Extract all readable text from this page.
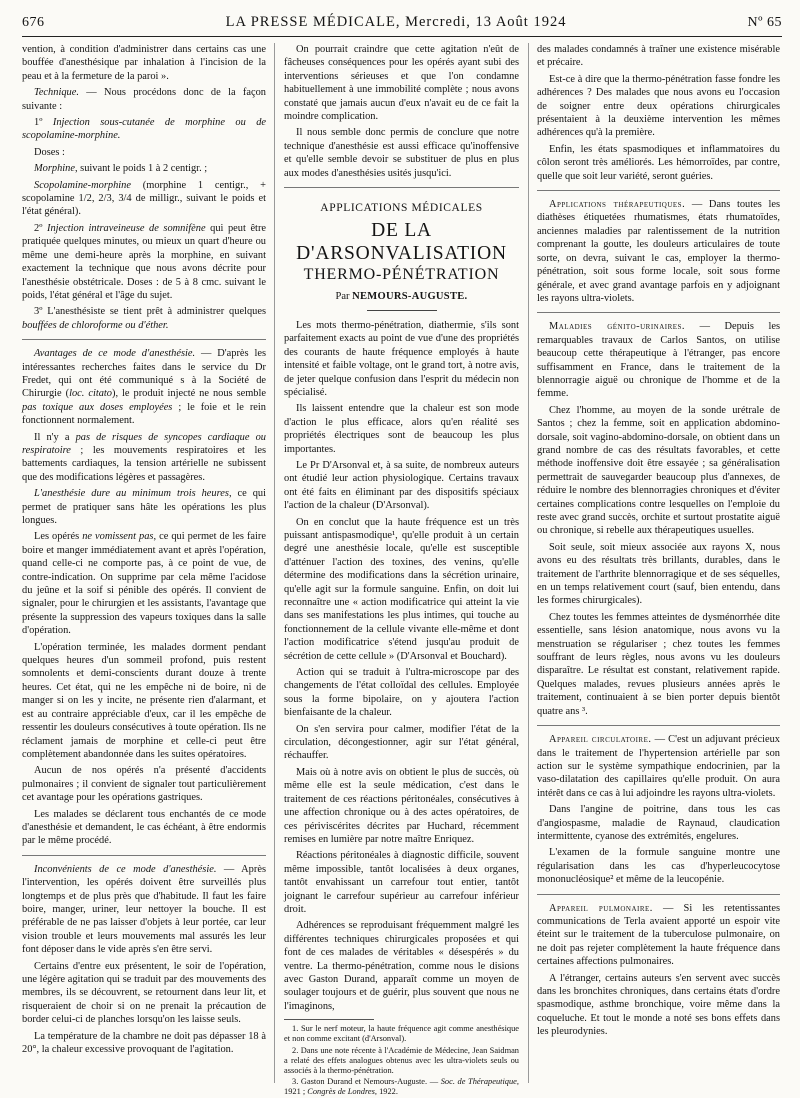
676	LA PRESSE MÉDICALE, Mercredi, 13 Août 1924	Nº 65

vention, à condition d'administrer dans certains cas une bouffée d'anesthésique par inhalation à l'incision de la peau et à la fermeture de la paroi ».

Technique. — Nous procédons donc de la façon suivante :

1º Injection sous-cutanée de morphine ou de scopolamine-morphine.

Doses :

Morphine, suivant le poids 1 à 2 centigr. ;

Scopolamine-morphine (morphine 1 centigr., + scopolamine 1/2, 2/3, 3/4 de milligr., suivant le poids et l'état général).

2º Injection intraveineuse de somnifène qui peut être pratiquée quelques minutes, ou mieux un quart d'heure ou même une demi-heure après la morphine, en suivant exactement la technique que nous avons décrite pour l'anesthésie obstétricale. Doses : de 5 à 8 cmc. suivant le poids, l'état général et l'âge du sujet.

3º L'anesthésiste se tient prêt à administrer quelques bouffées de chloroforme ou d'éther.

Avantages de ce mode d'anesthésie. — D'après les intéressantes recherches faites dans le service du Dr Fredet, qui ont été communiqué s à la Société de Chirurgie (loc. citato), le produit injecté ne nous semble pas toxique aux doses employées ; le foie et le rein fonctionnent normalement.

Il n'y a pas de risques de syncopes cardiaque ou respiratoire ; les mouvements respiratoires et les battements cardiaques, la tension artérielle ne subissent que des modifications légères et passagères.

L'anesthésie dure au minimum trois heures, ce qui permet de pratiquer sans hâte les opérations les plus longues.

Les opérés ne vomissent pas, ce qui permet de les faire boire et manger immédiatement avant et après l'opération, quand celle-ci ne comporte pas, à ce point de vue, de contre-indication. On supprime par cela même l'acidose du jeûne et la soif si pénible des opérés. Il convient de signaler, pour le chirurgien et les assistants, l'avantage que présente la suppression des vapeurs toxiques dans la salle d'opération.

L'opération terminée, les malades dorment pendant quelques heures d'un sommeil profond, puis restent somnolents et demi-conscients durant douze à trente heures. Cet état, qui ne les empêche ni de boire, ni de manger si on les y incite, ne présente rien d'alarmant, et est au contraire appréciable d'eux, car il les empêche de ressentir les douleurs consécutives à toute opération. Ils ne réclament jamais de morphine et celle-ci peut être complètement abandonnée dans les suites opératoires.

Aucun de nos opérés n'a présenté d'accidents pulmonaires ; il convient de signaler tout particulièrement cet avantage pour les opérations gastriques.

Les malades se déclarent tous enchantés de ce mode d'anesthésie et demandent, le cas échéant, à être endormis par le même procédé.

Inconvénients de ce mode d'anesthésie. — Après l'intervention, les opérés doivent être surveillés plus longtemps et de plus près que d'habitude. Il faut les faire boire, manger, uriner, leur nettoyer la bouche. Il est préférable de ne pas laisser d'objets à leur portée, car leur vision trouble et leurs mouvements mal assurés les leur font déposer dans le vide après s'en être servi.

Certains d'entre eux présentent, le soir de l'opération, une légère agitation qui se traduit par des mouvements des membres, ils se découvrent, se retournent dans leur lit, et risqueraient de choir si on ne prenait la précaution de border celui-ci de planches lorsqu'on les laisse seuls.

La température de la chambre ne doit pas dépasser 18 à 20°, la chaleur excessive provoquant de l'agitation.

On pourrait craindre que cette agitation n'eût de fâcheuses conséquences pour les opérés ayant subi des interventions sérieuses et que l'on condamne habituellement à une immobilité complète ; nous avons constaté que jamais aucun d'eux n'avait eu de ce fait la moindre complication.

Il nous semble donc permis de conclure que notre technique d'anesthésie est aussi efficace qu'inoffensive et qu'elle semble devoir se substituer de plus en plus aux modes d'anesthésies usités jusqu'ici.

APPLICATIONS MÉDICALES
DE LA D'ARSONVALISATION
THERMO-PÉNÉTRATION
Par NEMOURS-AUGUSTE.

Les mots thermo-pénétration, diathermie, s'ils sont parfaitement exacts au point de vue d'une des propriétés des courants de haute fréquence employés à haute intensité et faible voltage, ont le grand tort, à notre avis, de jeter quelque confusion dans l'esprit du médecin non spécialisé.

Ils laissent entendre que la chaleur est son mode d'action le plus efficace, alors qu'en réalité ses propriétés électriques sont de beaucoup les plus importantes.

Le Pr D'Arsonval et, à sa suite, de nombreux auteurs ont étudié leur action physiologique. Certains travaux ont été faits en éliminant par des dispositifs spéciaux l'action de la chaleur (D'Arsonval).

On en conclut que la haute fréquence est un très puissant antispasmodique¹, qu'elle produit à un certain degré une anesthésie locale, qu'elle est susceptible d'atténuer l'action des toxines, des venins, qu'elle détermine des modifications dans la sécrétion urinaire, qu'elle agit sur la formule sanguine. Enfin, on doit lui reconnaître une « action modificatrice qui atteint la vie dans ses manifestations les plus intimes, qui touche au fonctionnement de la cellule vivante elle-même et dont l'action modificatrice s'étend jusqu'au produit de sécrétion de cette cellule » (D'Arsonval et Bouchard).

Action qui se traduit à l'ultra-microscope par des changements de l'état colloïdal des cellules. Employée sous la forme bipolaire, on y ajoutera l'action bienfaisante de la chaleur.

On s'en servira pour calmer, modifier l'état de la circulation, décongestionner, agir sur l'état général, réchauffer.

Mais où à notre avis on obtient le plus de succès, où même elle est la seule médication, c'est dans le traitement de ces réactions péritonéales, consécutives à une affection chronique ou à des actes opératoires, de ces périviscérites décrites par Huchard, récemment remises en lumière par notre maître Enriquez.

Réactions péritonéales à diagnostic difficile, souvent même impossible, tantôt localisées à deux organes, tantôt envahissant un carrefour tout entier, tantôt joignant le carrefour supérieur au carrefour inférieur droit.

Adhérences se reproduisant fréquemment malgré les différentes techniques chirurgicales proposées et qui font de ces malades de véritables « désespérés » du ventre. La thermo-pénétration, comme nous le disions avec Gaston Durand, apparaît comme un moyen de soulager toujours et de guérir, plus souvent que nous ne l'imaginons,

1. Sur le nerf moteur, la haute fréquence agit comme anesthésique et non comme excitant (d'Arsonval).

2. Dans une note récente à l'Académie de Médecine, Jean Saidman a relaté des effets analogues obtenus avec les ultra-violets seuls ou associés à la thermo-pénétration.

3. Gaston Durand et Nemours-Auguste. — Soc. de Thérapeutique, 1921 ; Congrès de Londres, 1922.

des malades condamnés à traîner une existence misérable et précaire.

Est-ce à dire que la thermo-pénétration fasse fondre les adhérences ? Des malades que nous avons eu l'occasion de soigner entre deux opérations chirurgicales présentaient à la deuxième intervention les mêmes adhérences qu'à la première.

Enfin, les états spasmodiques et inflammatoires du côlon seront très améliorés. Les hémorroïdes, par contre, quelle que soit leur variété, seront guéries.

Applications thérapeutiques. — Dans toutes les diathèses étiquetées rhumatismes, états rhumatoïdes, anciennes maladies par ralentissement de la nutrition comprenant la goutte, les douleurs articulaires de toute sorte, on devra, suivant le cas, employer la thermo-pénétration, soit sous forme locale, soit sous forme générale, et avec grand avantage parfois en y adjoignant les rayons ultra-violets.

Maladies génito-urinaires. — Depuis les remarquables travaux de Carlos Santos, on utilise beaucoup cette thérapeutique à l'étranger, pas encore suffisamment en France, dans le traitement de la blennorragie aiguë ou chronique de l'homme et de la femme.

Chez l'homme, au moyen de la sonde urétrale de Santos ; chez la femme, soit en application abdomino-dorsale, soit vagino-abdomino-dorsale, on obtient dans un grand nombre de cas des résultats favorables, et cette méthode inoffensive doit être essayée ; sa généralisation permettrait de sauvegarder beaucoup plus d'annexes, de réduire le nombre des blennorragies chroniques et d'éviter certaines complications contre lesquelles on l'emploie du reste avec grand succès, orchite et surtout prostatite aiguë ou chronique, si rebelle aux thérapeutiques usuelles.

Soit seule, soit mieux associée aux rayons X, nous avons eu des résultats très brillants, durables, dans le traitement de l'arthrite blennorragique et de ses séquelles, en un temps relativement court (sauf, bien entendu, dans les formes chirurgicales).

Chez toutes les femmes atteintes de dysménorrhée dite essentielle, sans lésion anatomique, nous avons vu la menstruation se régulariser ; chez toutes les femmes souffrant de leurs règles, nous avons vu les douleurs disparaître. Le résultat est constant, relativement rapide. Quelques malades, revues plusieurs années après le traitement, continuaient à se bien porter depuis bientôt quatre ans ³.

Appareil circulatoire. — C'est un adjuvant précieux dans le traitement de l'hypertension artérielle par son action sur le système sympathique endocrinien, par la vaso-dilatation des capillaires qu'elle produit. On aura intérêt dans ce cas à lui adjoindre les rayons ultra-violets.

Dans l'angine de poitrine, dans tous les cas d'angiospasme, maladie de Raynaud, claudication intermittente, cyanose des extrémités, engelures.

L'examen de la formule sanguine montre une régularisation dans les cas d'hyperleucocytose mononucléosique² et même de la leucopénie.

Appareil pulmonaire. — Si les retentissantes communications de Terla avaient apporté un espoir vite éteint sur le traitement de la tuberculose pulmonaire, on ne doit pas rejeter complètement la haute fréquence dans certaines affections pulmonaires.

A l'étranger, certains auteurs s'en servent avec succès dans les bronchites chroniques, dans certains états d'ordre spasmodique, asthme bronchique, voire même dans la coqueluche. Et tout le monde a noté ses bons effets dans les pleurodynies.
